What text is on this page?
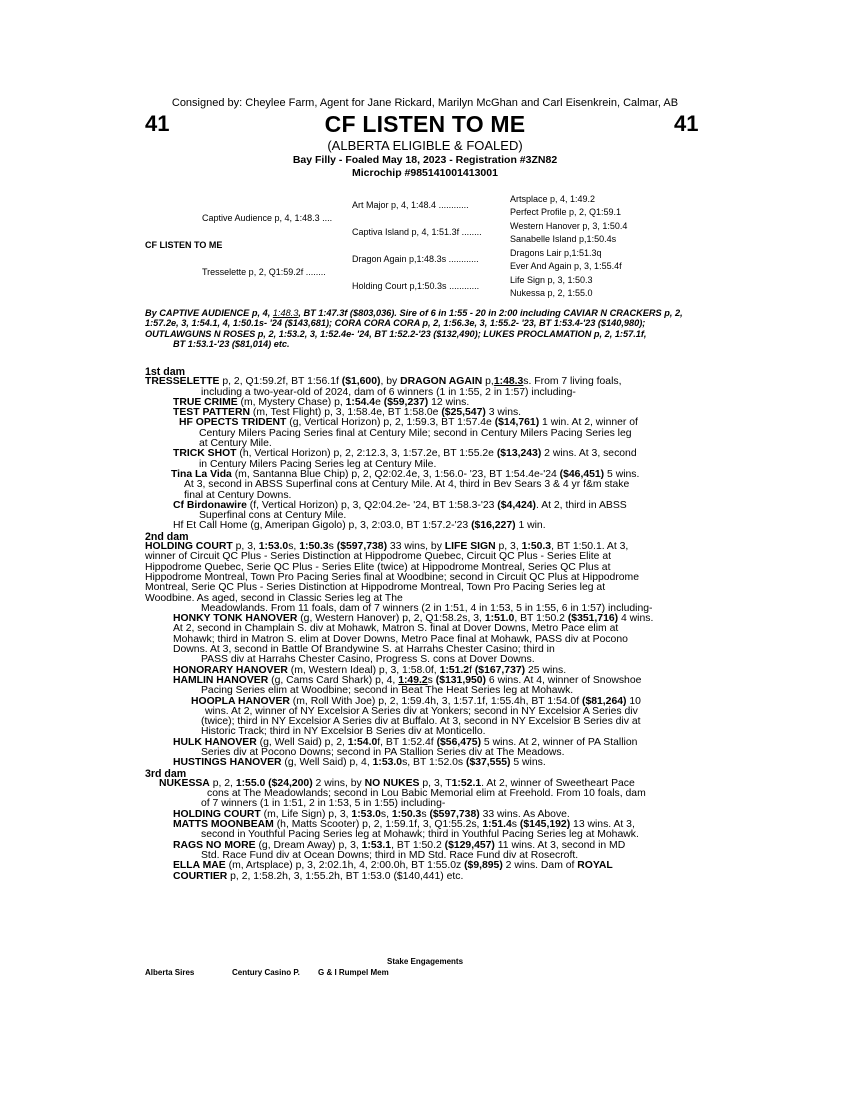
Consigned by: Cheylee Farm, Agent for Jane Rickard, Marilyn McGhan and Carl Eisenkrein, Calmar, AB
41	CF LISTEN TO ME	41
(ALBERTA ELIGIBLE & FOALED)
Bay Filly - Foaled May 18, 2023 - Registration #3ZN82
Microchip #985141001413001
CF LISTEN TO ME
Captive Audience p, 4, 1:48.3 ....
Tresselette p, 2, Q1:59.2f ........
Art Major p, 4, 1:48.4 ............
Captiva Island p, 4, 1:51.3f ........
Dragon Again p,1:48.3s ............
Holding Court p,1:50.3s ............
Artsplace p, 4, 1:49.2
Perfect Profile p, 2, Q1:59.1
Western Hanover p, 3, 1:50.4
Sanabelle Island p,1:50.4s
Dragons Lair p,1:51.3q
Ever And Again p, 3, 1:55.4f
Life Sign p, 3, 1:50.3
Nukessa p, 2, 1:55.0
By CAPTIVE AUDIENCE p, 4, 1:48.3, BT 1:47.3f ($803,036). Sire of 6 in 1:55 - 20 in 2:00 including CAVIAR N CRACKERS p, 2, 1:57.2e, 3, 1:54.1, 4, 1:50.1s- '24 ($143,681); CORA CORA CORA p, 2, 1:56.3e, 3, 1:55.2- '23, BT 1:53.4-'23 ($140,980); OUTLAWGUNS N ROSES p, 2, 1:53.2, 3, 1:52.4e- '24, BT 1:52.2-'23 ($132,490); LUKES PROCLAMATION p, 2, 1:57.1f,
BT 1:53.1-'23 ($81,014) etc.
1st dam
TRESSELETTE p, 2, Q1:59.2f, BT 1:56.1f ($1,600), by DRAGON AGAIN p,1:48.3s. From 7 living foals,
including a two-year-old of 2024, dam of 6 winners (1 in 1:55, 2 in 1:57) including-
TRUE CRIME (m, Mystery Chase) p, 1:54.4e ($59,237) 12 wins.
TEST PATTERN (m, Test Flight) p, 3, 1:58.4e, BT 1:58.0e ($25,547) 3 wins.
HF OPECTS TRIDENT (g, Vertical Horizon) p, 2, 1:59.3, BT 1:57.4e ($14,761) 1 win. At 2, winner of
Century Milers Pacing Series final at Century Mile; second in Century Milers Pacing Series leg
at Century Mile.
TRICK SHOT (h, Vertical Horizon) p, 2, 2:12.3, 3, 1:57.2e, BT 1:55.2e ($13,243) 2 wins. At 3, second
in Century Milers Pacing Series leg at Century Mile.
Tina La Vida (m, Santanna Blue Chip) p, 2, Q2:02.4e, 3, 1:56.0- '23, BT 1:54.4e-'24 ($46,451) 5 wins.
At 3, second in ABSS Superfinal cons at Century Mile. At 4, third in Bev Sears 3 & 4 yr f&m stake
final at Century Downs.
Cf Birdonawire (f, Vertical Horizon) p, 3, Q2:04.2e- '24, BT 1:58.3-'23 ($4,424). At 2, third in ABSS
Superfinal cons at Century Mile.
Hf Et Call Home (g, Ameripan Gigolo) p, 3, 2:03.0, BT 1:57.2-'23 ($16,227) 1 win.
2nd dam
HOLDING COURT p, 3, 1:53.0s, 1:50.3s ($597,738) 33 wins, by LIFE SIGN p, 3, 1:50.3, BT 1:50.1. At 3,
winner of Circuit QC Plus - Series Distinction at Hippodrome Quebec, Circuit QC Plus - Series Elite at
Hippodrome Quebec, Serie QC Plus - Series Elite (twice) at Hippodrome Montreal, Series QC Plus at
Hippodrome Montreal, Town Pro Pacing Series final at Woodbine; second in Circuit QC Plus at Hippodrome
Montreal, Serie QC Plus - Series Distinction at Hippodrome Montreal, Town Pro Pacing Series leg at
Woodbine. As aged, second in Classic Series leg at The
Meadowlands. From 11 foals, dam of 7 winners (2 in 1:51, 4 in 1:53, 5 in 1:55, 6 in 1:57) including-
HONKY TONK HANOVER (g, Western Hanover) p, 2, Q1:58.2s, 3, 1:51.0, BT 1:50.2 ($351,716) 4 wins.
At 2, second in Champlain S. div at Mohawk, Matron S. final at Dover Downs, Metro Pace elim at
Mohawk; third in Matron S. elim at Dover Downs, Metro Pace final at Mohawk, PASS div at Pocono
Downs. At 3, second in Battle Of Brandywine S. at Harrahs Chester Casino; third in
PASS div at Harrahs Chester Casino, Progress S. cons at Dover Downs.
HONORARY HANOVER (m, Western Ideal) p, 3, 1:58.0f, 1:51.2f ($167,737) 25 wins.
HAMLIN HANOVER (g, Cams Card Shark) p, 4, 1:49.2s ($131,950) 6 wins. At 4, winner of Snowshoe
Pacing Series elim at Woodbine; second in Beat The Heat Series leg at Mohawk.
HOOPLA HANOVER (m, Roll With Joe) p, 2, 1:59.4h, 3, 1:57.1f, 1:55.4h, BT 1:54.0f ($81,264) 10
wins. At 2, winner of NY Excelsior A Series div at Yonkers; second in NY Excelsior A Series div
(twice); third in NY Excelsior A Series div at Buffalo. At 3, second in NY Excelsior B Series div at
Historic Track; third in NY Excelsior B Series div at Monticello.
HULK HANOVER (g, Well Said) p, 2, 1:54.0f, BT 1:52.4f ($56,475) 5 wins. At 2, winner of PA Stallion
Series div at Pocono Downs; second in PA Stallion Series div at The Meadows.
HUSTINGS HANOVER (g, Well Said) p, 4, 1:53.0s, BT 1:52.0s ($37,555) 5 wins.
3rd dam
NUKESSA p, 2, 1:55.0 ($24,200) 2 wins, by NO NUKES p, 3, T1:52.1. At 2, winner of Sweetheart Pace
cons at The Meadowlands; second in Lou Babic Memorial elim at Freehold. From 10 foals, dam
of 7 winners (1 in 1:51, 2 in 1:53, 5 in 1:55) including-
HOLDING COURT (m, Life Sign) p, 3, 1:53.0s, 1:50.3s ($597,738) 33 wins. As Above.
MATTS MOONBEAM (h, Matts Scooter) p, 2, 1:59.1f, 3, Q1:55.2s, 1:51.4s ($145,192) 13 wins. At 3,
second in Youthful Pacing Series leg at Mohawk; third in Youthful Pacing Series leg at Mohawk.
RAGS NO MORE (g, Dream Away) p, 3, 1:53.1, BT 1:50.2 ($129,457) 11 wins. At 3, second in MD
Std. Race Fund div at Ocean Downs; third in MD Std. Race Fund div at Rosecroft.
ELLA MAE (m, Artsplace) p, 3, 2:02.1h, 4, 2:00.0h, BT 1:55.0z ($9,895) 2 wins. Dam of ROYAL
COURTIER p, 2, 1:58.2h, 3, 1:55.2h, BT 1:53.0 ($140,441) etc.
Stake Engagements
Alberta Sires	Century Casino P. G & I Rumpel Mem
